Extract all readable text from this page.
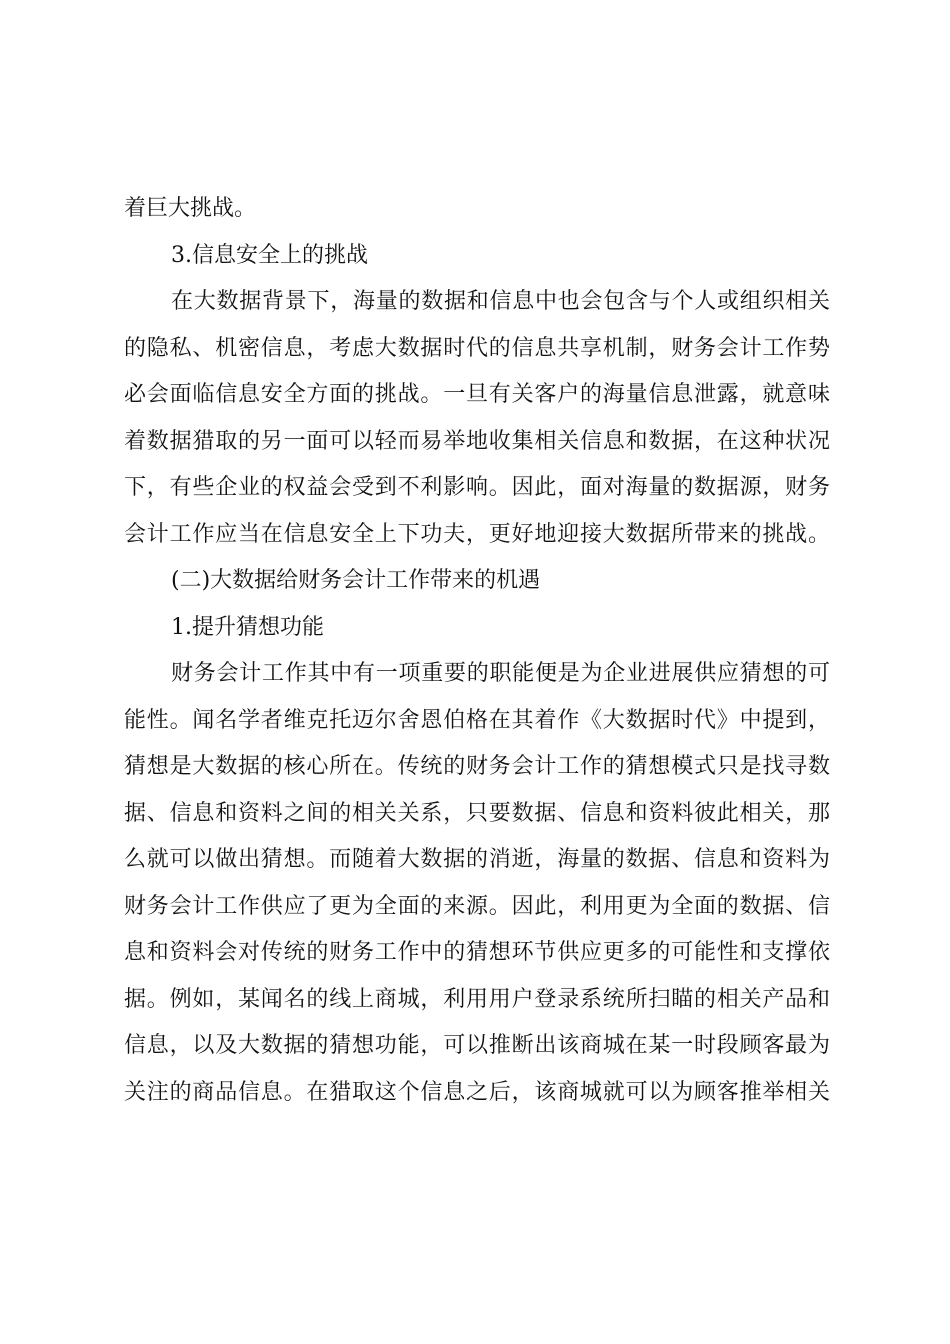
着巨大挑战。
3.信息安全上的挑战
在大数据背景下，海量的数据和信息中也会包含与个人或组织相关
的隐私、机密信息，考虑大数据时代的信息共享机制，财务会计工作势
必会面临信息安全方面的挑战。一旦有关客户的海量信息泄露，就意味
着数据猎取的另一面可以轻而易举地收集相关信息和数据，在这种状况
下，有些企业的权益会受到不利影响。因此，面对海量的数据源，财务
会计工作应当在信息安全上下功夫，更好地迎接大数据所带来的挑战。
(二)大数据给财务会计工作带来的机遇
1.提升猜想功能
财务会计工作其中有一项重要的职能便是为企业进展供应猜想的可
能性。闻名学者维克托迈尔舍恩伯格在其着作《大数据时代》中提到，
猜想是大数据的核心所在。传统的财务会计工作的猜想模式只是找寻数
据、信息和资料之间的相关关系，只要数据、信息和资料彼此相关，那
么就可以做出猜想。而随着大数据的消逝，海量的数据、信息和资料为
财务会计工作供应了更为全面的来源。因此，利用更为全面的数据、信
息和资料会对传统的财务工作中的猜想环节供应更多的可能性和支撑依
据。例如，某闻名的线上商城，利用用户登录系统所扫瞄的相关产品和
信息，以及大数据的猜想功能，可以推断出该商城在某一时段顾客最为
关注的商品信息。在猎取这个信息之后，该商城就可以为顾客推举相关
